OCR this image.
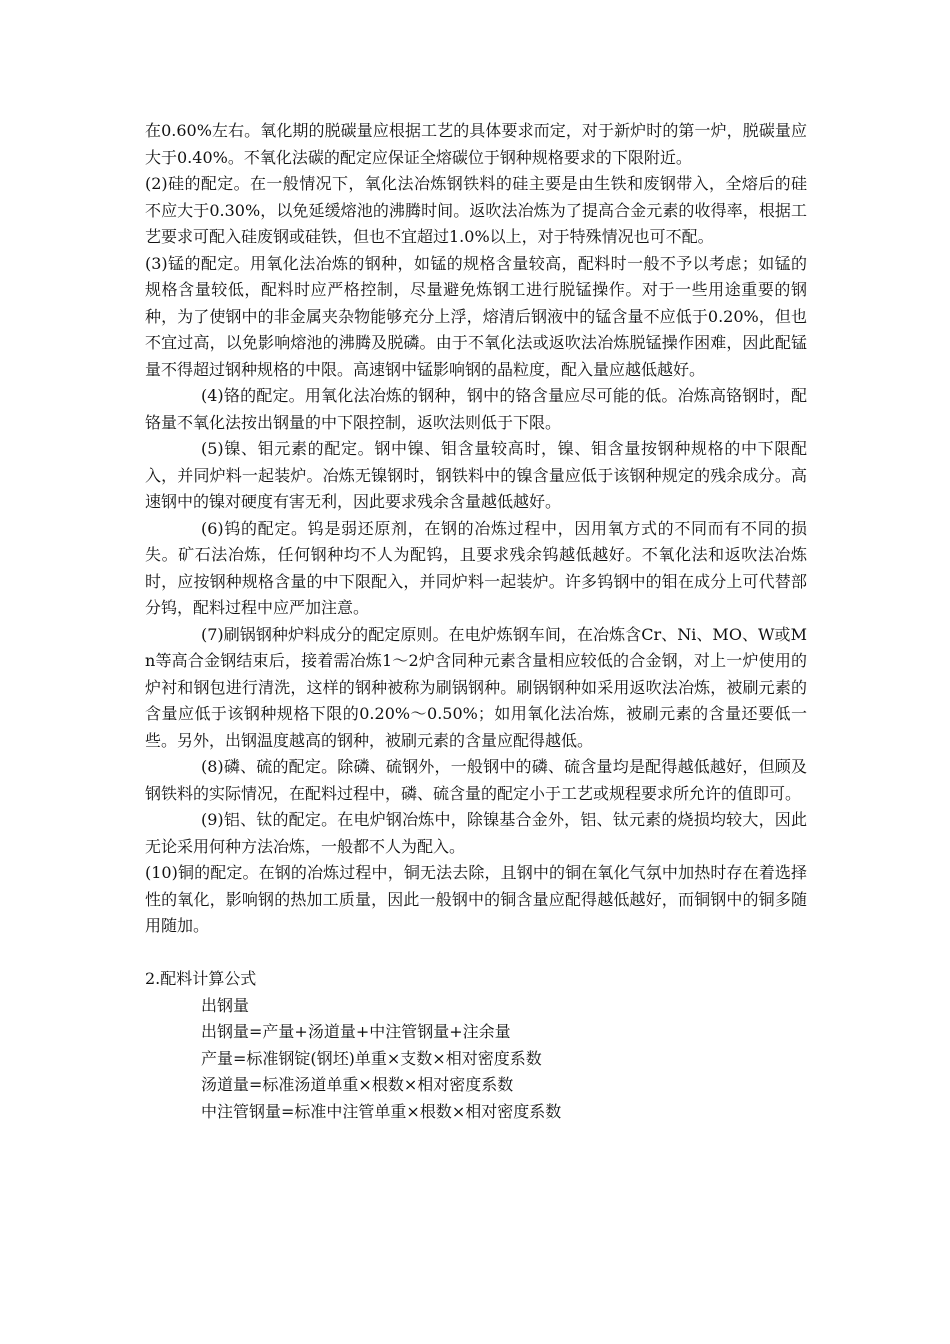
在0.60%左右。氧化期的脱碳量应根据工艺的具体要求而定，对于新炉时的第一炉，脱碳量应大于0.40%。不氧化法碳的配定应保证全熔碳位于钢种规格要求的下限附近。

(2)硅的配定。在一般情况下，氧化法冶炼钢铁料的硅主要是由生铁和废钢带入，全熔后的硅不应大于0.30%，以免延缓熔池的沸腾时间。返吹法冶炼为了提高合金元素的收得率，根据工艺要求可配入硅废钢或硅铁，但也不宜超过1.0%以上，对于特殊情况也可不配。

(3)锰的配定。用氧化法冶炼的钢种，如锰的规格含量较高，配料时一般不予以考虑；如锰的规格含量较低，配料时应严格控制，尽量避免炼钢工进行脱锰操作。对于一些用途重要的钢种，为了使钢中的非金属夹杂物能够充分上浮，熔清后钢液中的锰含量不应低于0.20%，但也不宜过高，以免影响熔池的沸腾及脱磷。由于不氧化法或返吹法冶炼脱锰操作困难，因此配锰量不得超过钢种规格的中限。高速钢中锰影响钢的晶粒度，配入量应越低越好。

(4)铬的配定。用氧化法冶炼的钢种，钢中的铬含量应尽可能的低。冶炼高铬钢时，配铬量不氧化法按出钢量的中下限控制，返吹法则低于下限。

(5)镍、钼元素的配定。钢中镍、钼含量较高时，镍、钼含量按钢种规格的中下限配入，并同炉料一起装炉。冶炼无镍钢时，钢铁料中的镍含量应低于该钢种规定的残余成分。高速钢中的镍对硬度有害无利，因此要求残余含量越低越好。

(6)钨的配定。钨是弱还原剂，在钢的冶炼过程中，因用氧方式的不同而有不同的损失。矿石法冶炼，任何钢种均不人为配钨，且要求残余钨越低越好。不氧化法和返吹法冶炼时，应按钢种规格含量的中下限配入，并同炉料一起装炉。许多钨钢中的钼在成分上可代替部分钨，配料过程中应严加注意。

(7)刷锅钢种炉料成分的配定原则。在电炉炼钢车间，在冶炼含Cr、Ni、MO、W或Mn等高合金钢结束后，接着需冶炼1～2炉含同种元素含量相应较低的合金钢，对上一炉使用的炉衬和钢包进行清洗，这样的钢种被称为刷锅钢种。刷锅钢种如采用返吹法冶炼，被刷元素的含量应低于该钢种规格下限的0.20%～0.50%；如用氧化法冶炼，被刷元素的含量还要低一些。另外，出钢温度越高的钢种，被刷元素的含量应配得越低。

(8)磷、硫的配定。除磷、硫钢外，一般钢中的磷、硫含量均是配得越低越好，但顾及钢铁料的实际情况，在配料过程中，磷、硫含量的配定小于工艺或规程要求所允许的值即可。

(9)铝、钛的配定。在电炉钢冶炼中，除镍基合金外，铝、钛元素的烧损均较大，因此无论采用何种方法冶炼，一般都不人为配入。

(10)铜的配定。在钢的冶炼过程中，铜无法去除，且钢中的铜在氧化气氛中加热时存在着选择性的氧化，影响钢的热加工质量，因此一般钢中的铜含量应配得越低越好，而铜钢中的铜多随用随加。

2.配料计算公式

出钢量

出钢量=产量+汤道量+中注管钢量+注余量

产量=标准钢锭(钢坯)单重×支数×相对密度系数

汤道量=标准汤道单重×根数×相对密度系数

中注管钢量=标准中注管单重×根数×相对密度系数
